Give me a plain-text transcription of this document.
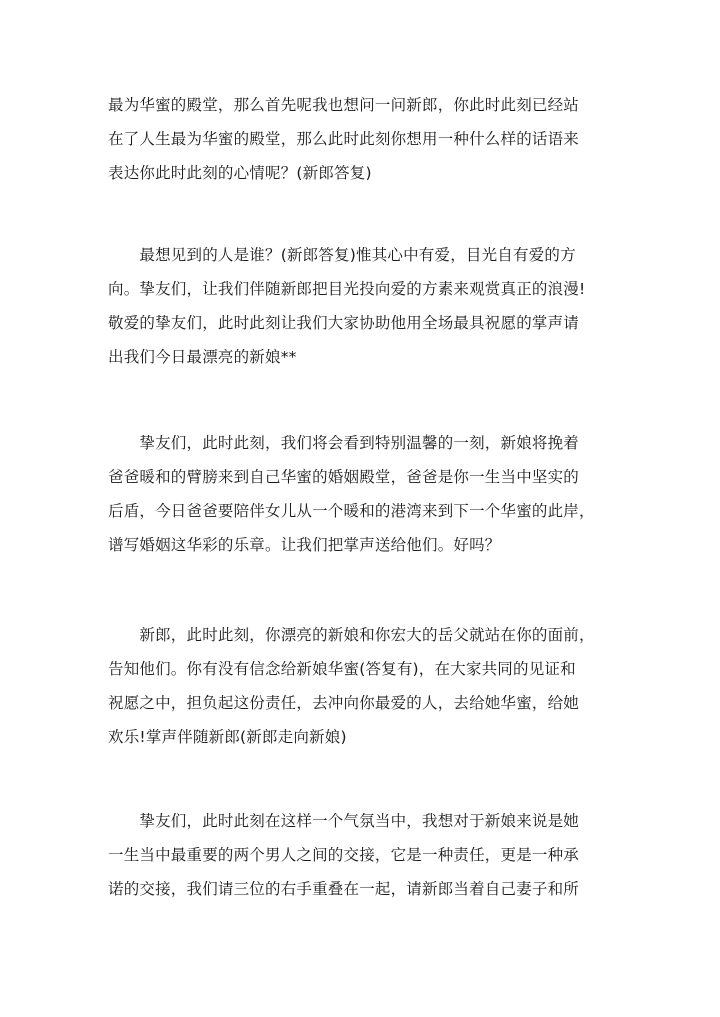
最为华蜜的殿堂，那么首先呢我也想问一问新郎，你此时此刻已经站
在了人生最为华蜜的殿堂，那么此时此刻你想用一种什么样的话语来
表达你此时此刻的心情呢？(新郎答复)

　　最想见到的人是谁？(新郎答复)惟其心中有爱，目光自有爱的方
向。挚友们，让我们伴随新郎把目光投向爱的方素来观赏真正的浪漫!
敬爱的挚友们，此时此刻让我们大家协助他用全场最具祝愿的掌声请
出我们今日最漂亮的新娘**

　　挚友们，此时此刻，我们将会看到特别温馨的一刻，新娘将挽着
爸爸暖和的臂膀来到自己华蜜的婚姻殿堂，爸爸是你一生当中坚实的
后盾，今日爸爸要陪伴女儿从一个暖和的港湾来到下一个华蜜的此岸，
谱写婚姻这华彩的乐章。让我们把掌声送给他们。好吗？

　　新郎，此时此刻，你漂亮的新娘和你宏大的岳父就站在你的面前，
告知他们。你有没有信念给新娘华蜜(答复有)，在大家共同的见证和
祝愿之中，担负起这份责任，去冲向你最爱的人，去给她华蜜，给她
欢乐!掌声伴随新郎(新郎走向新娘)

　　挚友们，此时此刻在这样一个气氛当中，我想对于新娘来说是她
一生当中最重要的两个男人之间的交接，它是一种责任，更是一种承
诺的交接，我们请三位的右手重叠在一起，请新郎当着自己妻子和所
